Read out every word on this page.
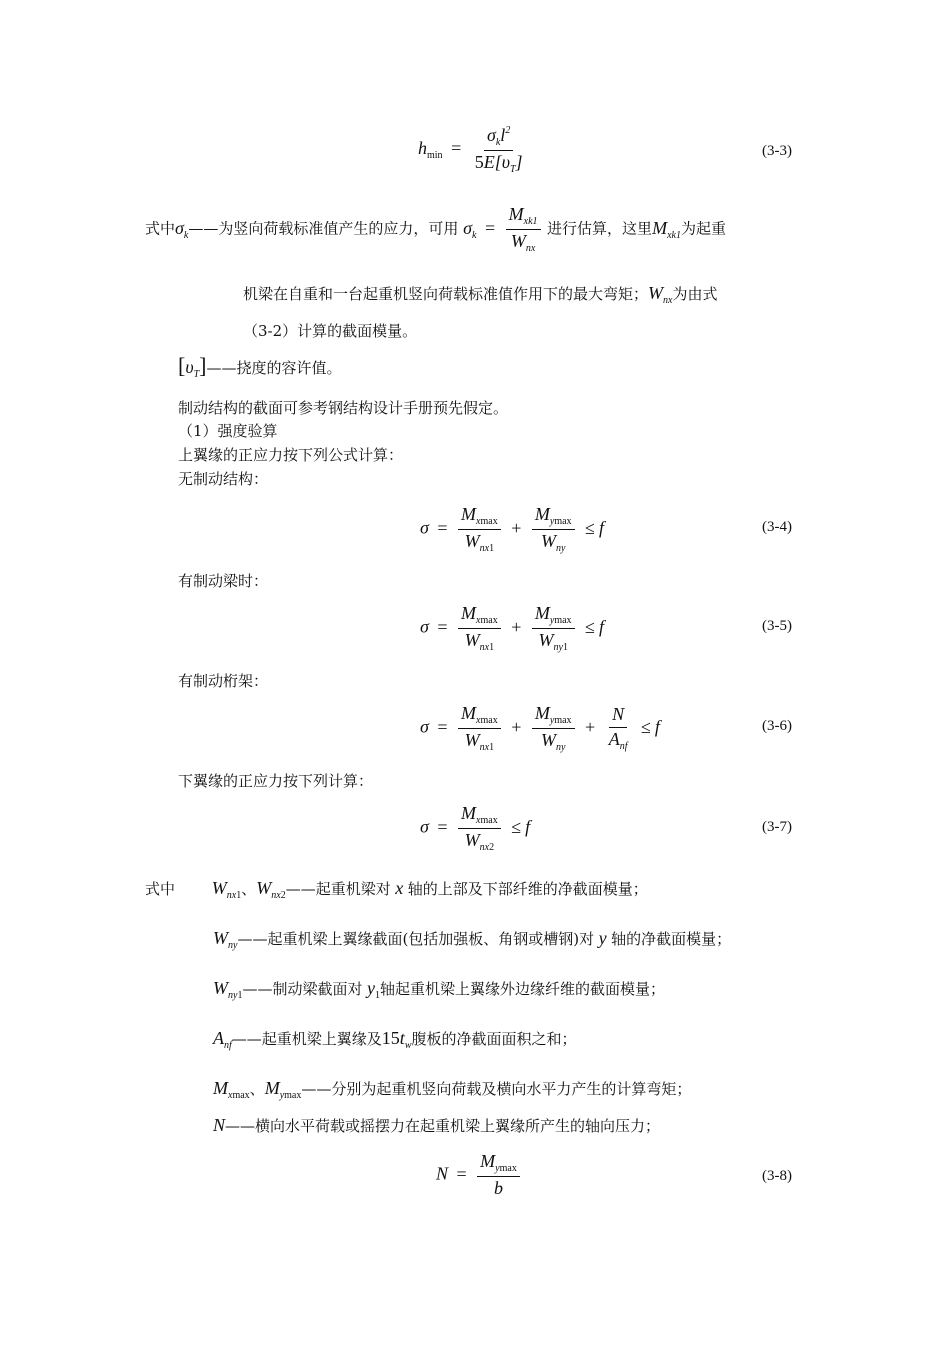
$h_{min} = \frac{\sigma_kl^2}{5E[\upsilon_T]}$	(3-3)
式中$\sigma_k——$为竖向荷载标准值产生的应力，可用 $\sigma_k = \frac{M_{xk1}}{W_{nx}}$ 进行估算，这里$M_{xk1}$为起重
机梁在自重和一台起重机竖向荷载标准值作用下的最大弯矩；$W_{nx}$为由式
（3-2）计算的截面模量。
$[\upsilon_T]——$挠度的容许值。
制动结构的截面可参考钢结构设计手册预先假定。
（1）强度验算
上翼缘的正应力按下列公式计算：
无制动结构：
$\sigma = \frac{M_{xmax}}{W_{nx1}} + \frac{M_{ymax}}{W_{ny}} \le f$	(3-4)
有制动梁时：
$\sigma = \frac{M_{xmax}}{W_{nx1}} + \frac{M_{ymax}}{W_{ny1}} \le f$	(3-5)
有制动桁架：
$\sigma = \frac{M_{xmax}}{W_{nx1}} + \frac{M_{ymax}}{W_{ny}} + \frac{N}{A_{nf}} \le f$	(3-6)
下翼缘的正应力按下列计算：
$\sigma = \frac{M_{xmax}}{W_{nx2}} \le f$	(3-7)
式中 $W_{nx1}$、$W_{nx2}——$起重机梁对 x 轴的上部及下部纤维的净截面模量；
$W_{ny}——$起重机梁上翼缘截面(包括加强板、角钢或槽钢)对 y 轴的净截面模量；
$W_{ny1}——$制动梁截面对 $y_1$轴起重机梁上翼缘外边缘纤维的截面模量；
$A_{nf}——$起重机梁上翼缘及$15t_w$腹板的净截面面积之和；
$M_{xmax}$、$M_{ymax}——$分别为起重机竖向荷载及横向水平力产生的计算弯矩；
N——横向水平荷载或摇摆力在起重机梁上翼缘所产生的轴向压力；
$N = \frac{M_{ymax}}{b}$	(3-8)
